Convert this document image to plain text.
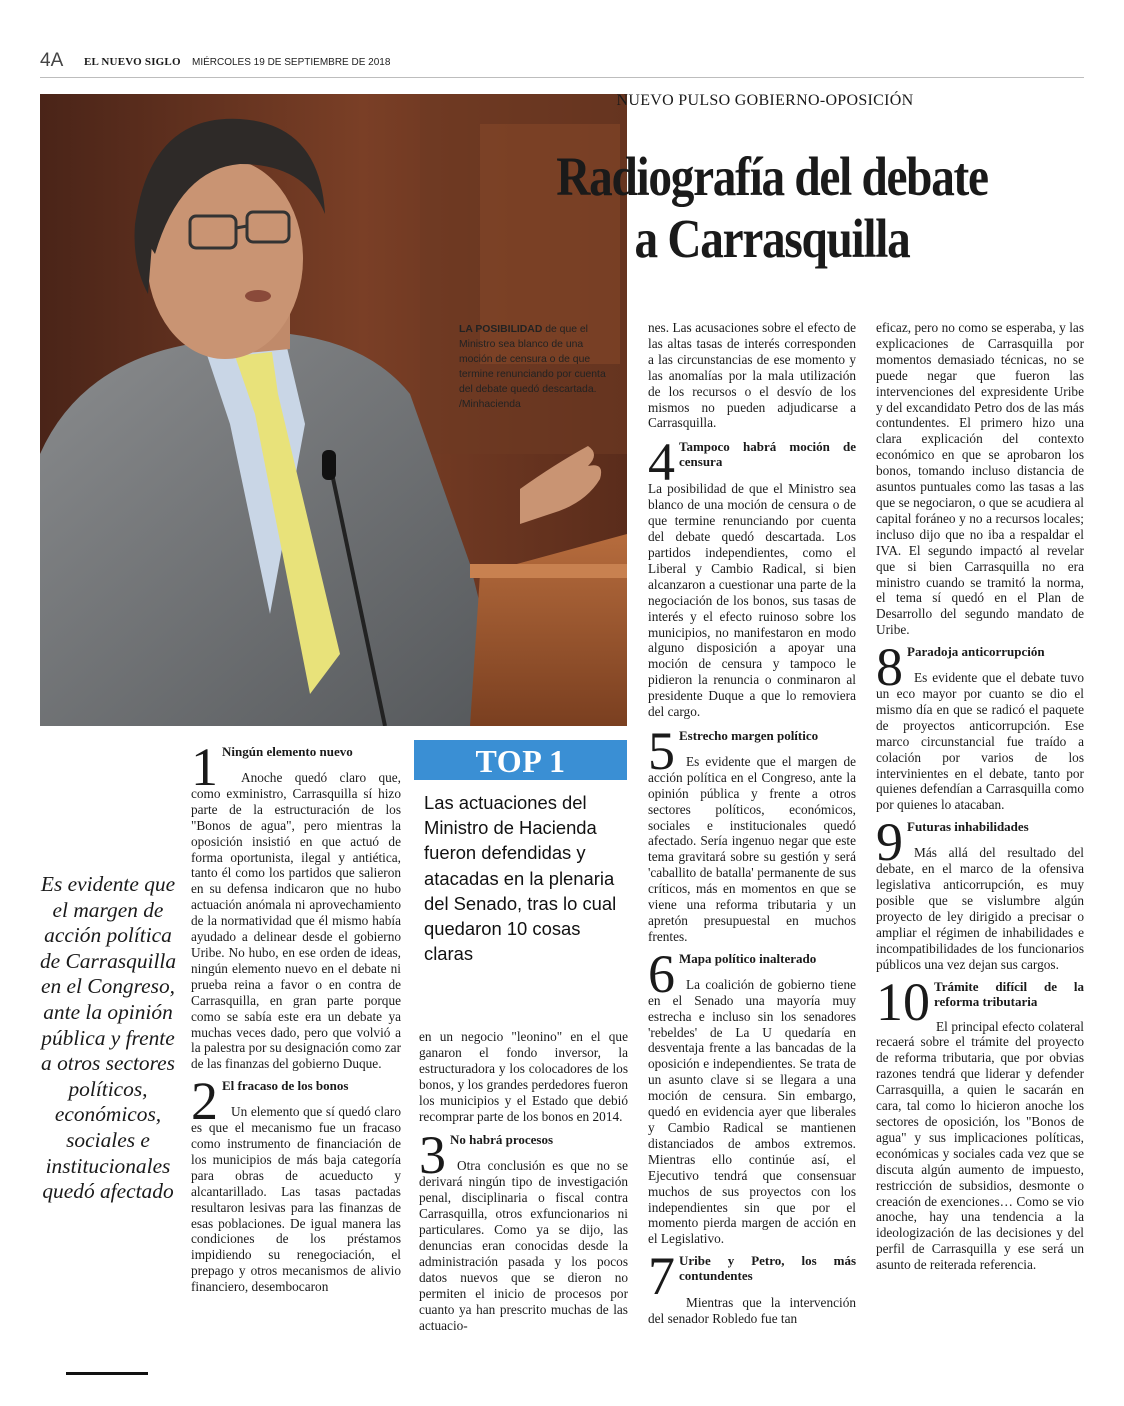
4A EL NUEVO SIGLO MIÉRCOLES 19 DE SEPTIEMBRE DE 2018
NUEVO PULSO GOBIERNO-OPOSICIÓN
Radiografía del debate
a Carrasquilla
LA POSIBILIDAD de que el Ministro sea blanco de una moción de censura o de que termine renunciando por cuenta del debate quedó descartada.
/Minhacienda
Es evidente que el margen de acción política de Carrasquilla en el Congreso, ante la opinión pública y frente a otros sectores políticos, económicos, sociales e institucionales quedó afectado
TOP 1
Las actuaciones del Ministro de Hacienda fueron defendidas y atacadas en la plenaria del Senado, tras lo cual quedaron 10 cosas claras
1 Ningún elemento nuevo

Anoche quedó claro que, como exministro, Carrasquilla sí hizo parte de la estructuración de los "Bonos de agua", pero mientras la oposición insistió en que actuó de forma oportunista, ilegal y antiética, tanto él como los partidos que salieron en su defensa indicaron que no hubo actuación anómala ni aprovechamiento de la normatividad que él mismo había ayudado a delinear desde el gobierno Uribe. No hubo, en ese orden de ideas, ningún elemento nuevo en el debate ni prueba reina a favor o en contra de Carrasquilla, en gran parte porque como se sabía este era un debate ya muchas veces dado, pero que volvió a la palestra por su designación como zar de las finanzas del gobierno Duque.

2 El fracaso de los bonos

Un elemento que sí quedó claro es que el mecanismo fue un fracaso como instrumento de financiación de los municipios de más baja categoría para obras de acueducto y alcantarillado. Las tasas pactadas resultaron lesivas para las finanzas de esas poblaciones. De igual manera las condiciones de los préstamos impidiendo su renegociación, el prepago y otros mecanismos de alivio financiero, desembocaron

en un negocio "leonino" en el que ganaron el fondo inversor, la estructuradora y los colocadores de los bonos, y los grandes perdedores fueron los municipios y el Estado que debió recomprar parte de los bonos en 2014.

3 No habrá procesos

Otra conclusión es que no se derivará ningún tipo de investigación penal, disciplinaria o fiscal contra Carrasquilla, otros exfuncionarios ni particulares. Como ya se dijo, las denuncias eran conocidas desde la administración pasada y los pocos datos nuevos que se dieron no permiten el inicio de procesos por cuanto ya han prescrito muchas de las actuacio-

nes. Las acusaciones sobre el efecto de las altas tasas de interés corresponden a las circunstancias de ese momento y las anomalías por la mala utilización de los recursos o el desvío de los mismos no pueden adjudicarse a Carrasquilla.

4 Tampoco habrá moción de censura

La posibilidad de que el Ministro sea blanco de una moción de censura o de que termine renunciando por cuenta del debate quedó descartada. Los partidos independientes, como el Liberal y Cambio Radical, si bien alcanzaron a cuestionar una parte de la negociación de los bonos, sus tasas de interés y el efecto ruinoso sobre los municipios, no manifestaron en modo alguno disposición a apoyar una moción de censura y tampoco le pidieron la renuncia o conminaron al presidente Duque a que lo removiera del cargo.

5 Estrecho margen político

Es evidente que el margen de acción política en el Congreso, ante la opinión pública y frente a otros sectores políticos, económicos, sociales e institucionales quedó afectado. Sería ingenuo negar que este tema gravitará sobre su gestión y será 'caballito de batalla' permanente de sus críticos, más en momentos en que se viene una reforma tributaria y un apretón presupuestal en muchos frentes.

6 Mapa político inalterado

La coalición de gobierno tiene en el Senado una mayoría muy estrecha e incluso sin los senadores 'rebeldes' de La U quedaría en desventaja frente a las bancadas de la oposición e independientes. Se trata de un asunto clave si se llegara a una moción de censura. Sin embargo, quedó en evidencia ayer que liberales y Cambio Radical se mantienen distanciados de ambos extremos. Mientras ello continúe así, el Ejecutivo tendrá que consensuar muchos de sus proyectos con los independientes sin que por el momento pierda margen de acción en el Legislativo.

7 Uribe y Petro, los más contundentes

Mientras que la intervención del senador Robledo fue tan

eficaz, pero no como se esperaba, y las explicaciones de Carrasquilla por momentos demasiado técnicas, no se puede negar que fueron las intervenciones del expresidente Uribe y del excandidato Petro dos de las más contundentes. El primero hizo una clara explicación del contexto económico en que se aprobaron los bonos, tomando incluso distancia de asuntos puntuales como las tasas a las que se negociaron, o que se acudiera al capital foráneo y no a recursos locales; incluso dijo que no iba a respaldar el IVA. El segundo impactó al revelar que si bien Carrasquilla no era ministro cuando se tramitó la norma, el tema sí quedó en el Plan de Desarrollo del segundo mandato de Uribe.

8 Paradoja anticorrupción

Es evidente que el debate tuvo un eco mayor por cuanto se dio el mismo día en que se radicó el paquete de proyectos anticorrupción. Ese marco circunstancial fue traído a colación por varios de los intervinientes en el debate, tanto por quienes defendían a Carrasquilla como por quienes lo atacaban.

9 Futuras inhabilidades

Más allá del resultado del debate, en el marco de la ofensiva legislativa anticorrupción, es muy posible que se vislumbre algún proyecto de ley dirigido a precisar o ampliar el régimen de inhabilidades e incompatibilidades de los funcionarios públicos una vez dejan sus cargos.

10 Trámite difícil de la reforma tributaria

El principal efecto colateral recaerá sobre el trámite del proyecto de reforma tributaria, que por obvias razones tendrá que liderar y defender Carrasquilla, a quien le sacarán en cara, tal como lo hicieron anoche los sectores de oposición, los "Bonos de agua" y sus implicaciones políticas, económicas y sociales cada vez que se discuta algún aumento de impuesto, restricción de subsidios, desmonte o creación de exenciones… Como se vio anoche, hay una tendencia a la ideologización de las decisiones y del perfil de Carrasquilla y ese será un asunto de reiterada referencia.
